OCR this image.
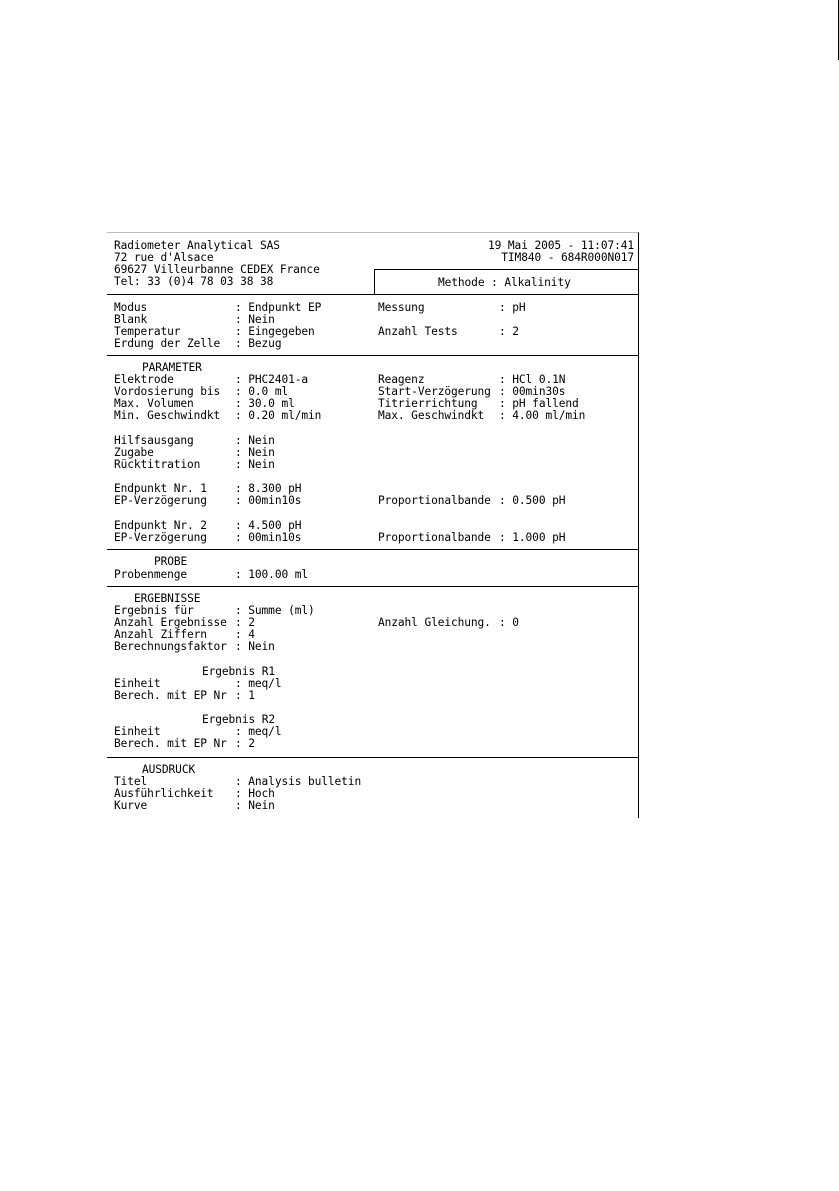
Radiometer Analytical SAS
72 rue d'Alsace
69627 Villeurbanne CEDEX France
Tel: 33 (0)4 78 03 38 38
19 Mai 2005 - 11:07:41
TIM840 - 684R000N017
Methode : Alkalinity
Modus	: Endpunkt EP	Messung	: pH
Blank	: Nein
Temperatur	: Eingegeben	Anzahl Tests	: 2
Erdung der Zelle : Bezug
PARAMETER
Elektrode	: PHC2401-a	Reagenz	: HCl 0.1N
Vordosierung bis : 0.0 ml	Start-Verzögerung : 00min30s
Max. Volumen	: 30.0 ml	Titrierrichtung : pH fallend
Min. Geschwindkt : 0.20 ml/min	Max. Geschwindkt : 4.00 ml/min
Hilfsausgang	: Nein
Zugabe	: Nein
Rücktitration	: Nein
Endpunkt Nr. 1	: 8.300 pH
EP-Verzögerung	: 00min10s	Proportionalbande : 0.500 pH
Endpunkt Nr. 2	: 4.500 pH
EP-Verzögerung	: 00min10s	Proportionalbande : 1.000 pH
PROBE
Probenmenge	: 100.00 ml
ERGEBNISSE
Ergebnis für	: Summe (ml)
Anzahl Ergebnisse : 2	Anzahl Gleichung. : 0
Anzahl Ziffern	: 4
Berechnungsfaktor : Nein
Ergebnis R1
Einheit	: meq/l
Berech. mit EP Nr : 1
Ergebnis R2
Einheit	: meq/l
Berech. mit EP Nr : 2
AUSDRUCK
Titel	: Analysis bulletin
Ausführlichkeit : Hoch
Kurve	: Nein
